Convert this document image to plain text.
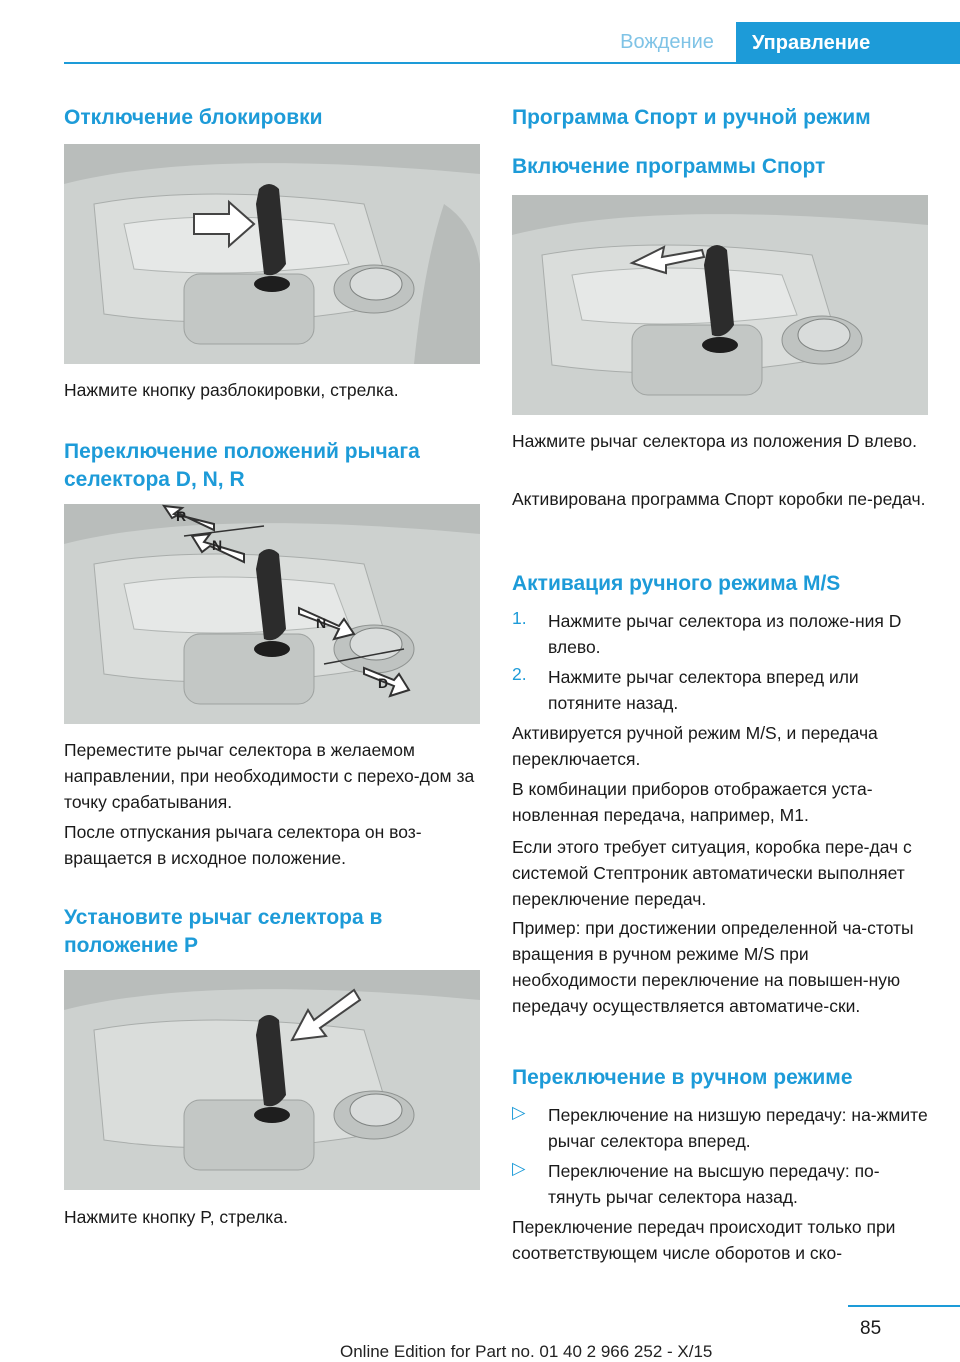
Вождение	Управление
Отключение блокировки

Нажмите кнопку разблокировки, стрелка.

Переключение положений рычага селектора D, N, R
R
N
N
D

Переместите рычаг селектора в желаемом направлении, при необходимости с перехо‐дом за точку срабатывания.

После отпускания рычага селектора он воз‐вращается в исходное положение.

Установите рычаг селектора в положение P

Нажмите кнопку P, стрелка.

Программа Спорт и ручной режим
Включение программы Спорт

Нажмите рычаг селектора из положения D влево.

Активирована программа Спорт коробки пе‐редач.

Активация ручного режима M/S
1. Нажмите рычаг селектора из положе‐ния D влево.
2. Нажмите рычаг селектора вперед или потяните назад.

Активируется ручной режим M/S, и передача переключается.

В комбинации приборов отображается уста‐новленная передача, например, M1.

Если этого требует ситуация, коробка пере‐дач с системой Стептроник автоматически выполняет переключение передач.

Пример: при достижении определенной ча‐стоты вращения в ручном режиме M/S при необходимости переключение на повышен‐ную передачу осуществляется автоматиче‐ски.

Переключение в ручном режиме
▷ Переключение на низшую передачу: на‐жмите рычаг селектора вперед.
▷ Переключение на высшую передачу: по‐тянуть рычаг селектора назад.

Переключение передач происходит только при соответствующем числе оборотов и ско‐

85
Online Edition for Part no. 01 40 2 966 252 - X/15
